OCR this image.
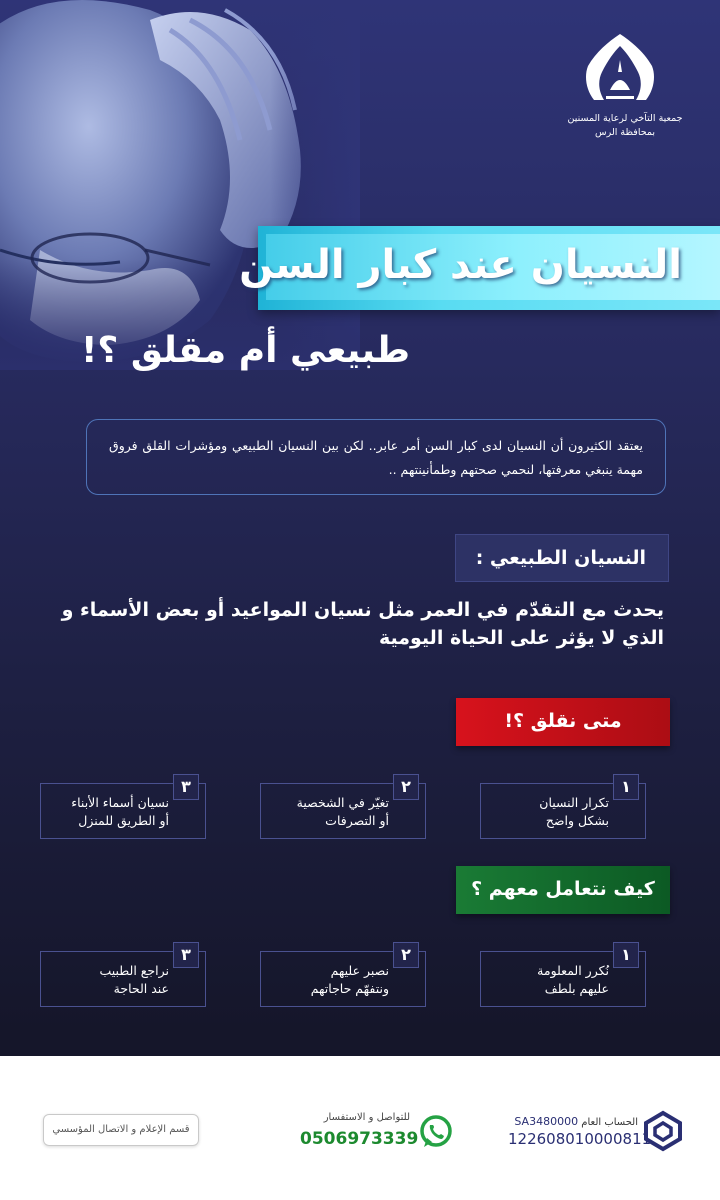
جمعية التآخي لرعاية المسنين
بمحافظة الرس
النسيان عند كبار السن
طبيعي أم مقلق ؟!
يعتقد الكثيرون أن النسيان لدى كبار السن أمر عابر.. لكن بين النسيان الطبيعي ومؤشرات القلق فروق مهمة ينبغي معرفتها، لنحمي صحتهم وطمأنينتهم ..
النسيان الطبيعي :
يحدث مع التقدّم في العمر مثل نسيان المواعيد أو بعض الأسماء و الذي لا يؤثر على الحياة اليومية
متى نقلق ؟!
١
تكرار النسيان
بشكل واضح
٢
تغيّر في الشخصية
أو التصرفات
٣
نسيان أسماء الأبناء
أو الطريق للمنزل
كيف نتعامل معهم ؟
١
نُكرر المعلومة
عليهم بلطف
٢
نصبر عليهم
ونتفهّم حاجاتهم
٣
نراجع الطبيب
عند الحاجة
قسم الإعلام و الاتصال المؤسسي
للتواصل و الاستفسار
0506973339
الحساب العام SA3480000
122608010000811
